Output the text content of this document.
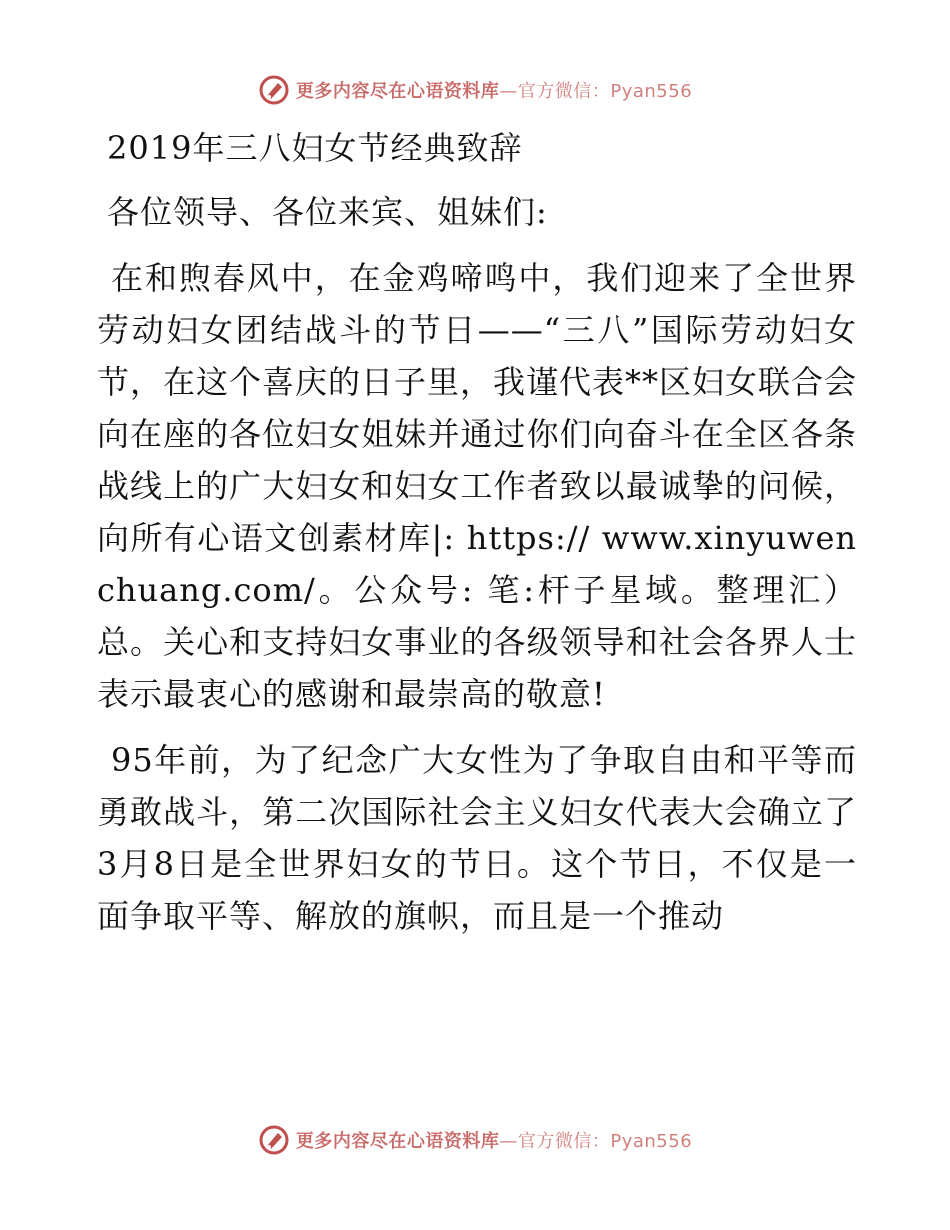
更多内容尽在心语资料库—官方微信：Pyan556

2019年三八妇女节经典致辞

各位领导、各位来宾、姐妹们:

在和煦春风中，在金鸡啼鸣中，我们迎来了全世界劳动妇女团结战斗的节日——“三八”国际劳动妇女节，在这个喜庆的日子里，我谨代表**区妇女联合会向在座的各位妇女姐妹并通过你们向奋斗在全区各条战线上的广大妇女和妇女工作者致以最诚挚的问候，向所有心语文创素材库|: https:// www.xinyuwenchuang.com/。公众号: 笔:杆子星域。整理汇）总。关心和支持妇女事业的各级领导和社会各界人士表示最衷心的感谢和最崇高的敬意!

95年前，为了纪念广大女性为了争取自由和平等而勇敢战斗，第二次国际社会主义妇女代表大会确立了3月8日是全世界妇女的节日。这个节日，不仅是一面争取平等、解放的旗帜，而且是一个推动

更多内容尽在心语资料库—官方微信：Pyan556
